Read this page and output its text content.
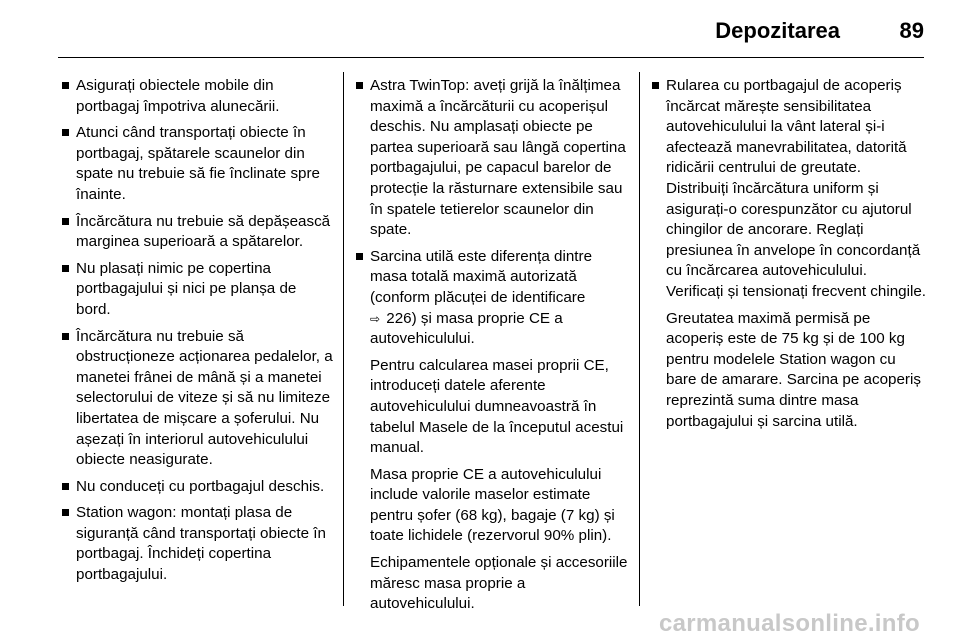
Depozitarea	89
Asigurați obiectele mobile din portbagaj împotriva alunecării.
Atunci când transportați obiecte în portbagaj, spătarele scaunelor din spate nu trebuie să fie înclinate spre înainte.
Încărcătura nu trebuie să depășească marginea superioară a spătarelor.
Nu plasați nimic pe copertina portbagajului și nici pe planșa de bord.
Încărcătura nu trebuie să obstrucționeze acționarea pedalelor, a manetei frânei de mână și a manetei selectorului de viteze și să nu limiteze libertatea de mișcare a șoferului. Nu așezați în interiorul autovehiculului obiecte neasigurate.
Nu conduceți cu portbagajul deschis.
Station wagon: montați plasa de siguranță când transportați obiecte în portbagaj. Închideți copertina portbagajului.
Astra TwinTop: aveți grijă la înălțimea maximă a încărcăturii cu acoperișul deschis. Nu amplasați obiecte pe partea superioară sau lângă copertina portbagajului, pe capacul barelor de protecție la răsturnare extensibile sau în spatele tetierelor scaunelor din spate.
Sarcina utilă este diferența dintre masa totală maximă autorizată (conform plăcuței de identificare
⇨ 226) și masa proprie CE a autovehiculului.
Pentru calcularea masei proprii CE, introduceți datele aferente autovehiculului dumneavoastră în tabelul Masele de la începutul acestui manual.
Masa proprie CE a autovehiculului include valorile maselor estimate pentru șofer (68 kg), bagaje (7 kg) și toate lichidele (rezervorul 90% plin).
Echipamentele opționale și accesoriile măresc masa proprie a autovehiculului.
Rularea cu portbagajul de acoperiș încărcat mărește sensibilitatea autovehiculului la vânt lateral și-i afectează manevrabilitatea, datorită ridicării centrului de greutate. Distribuiți încărcătura uniform și asigurați-o corespunzător cu ajutorul chingilor de ancorare. Reglați presiunea în anvelope în concordanță cu încărcarea autovehiculului. Verificați și tensionați frecvent chingile.
Greutatea maximă permisă pe acoperiș este de 75 kg și de 100 kg pentru modelele Station wagon cu bare de amarare. Sarcina pe acoperiș reprezintă suma dintre masa portbagajului și sarcina utilă.
carmanualsonline.info
